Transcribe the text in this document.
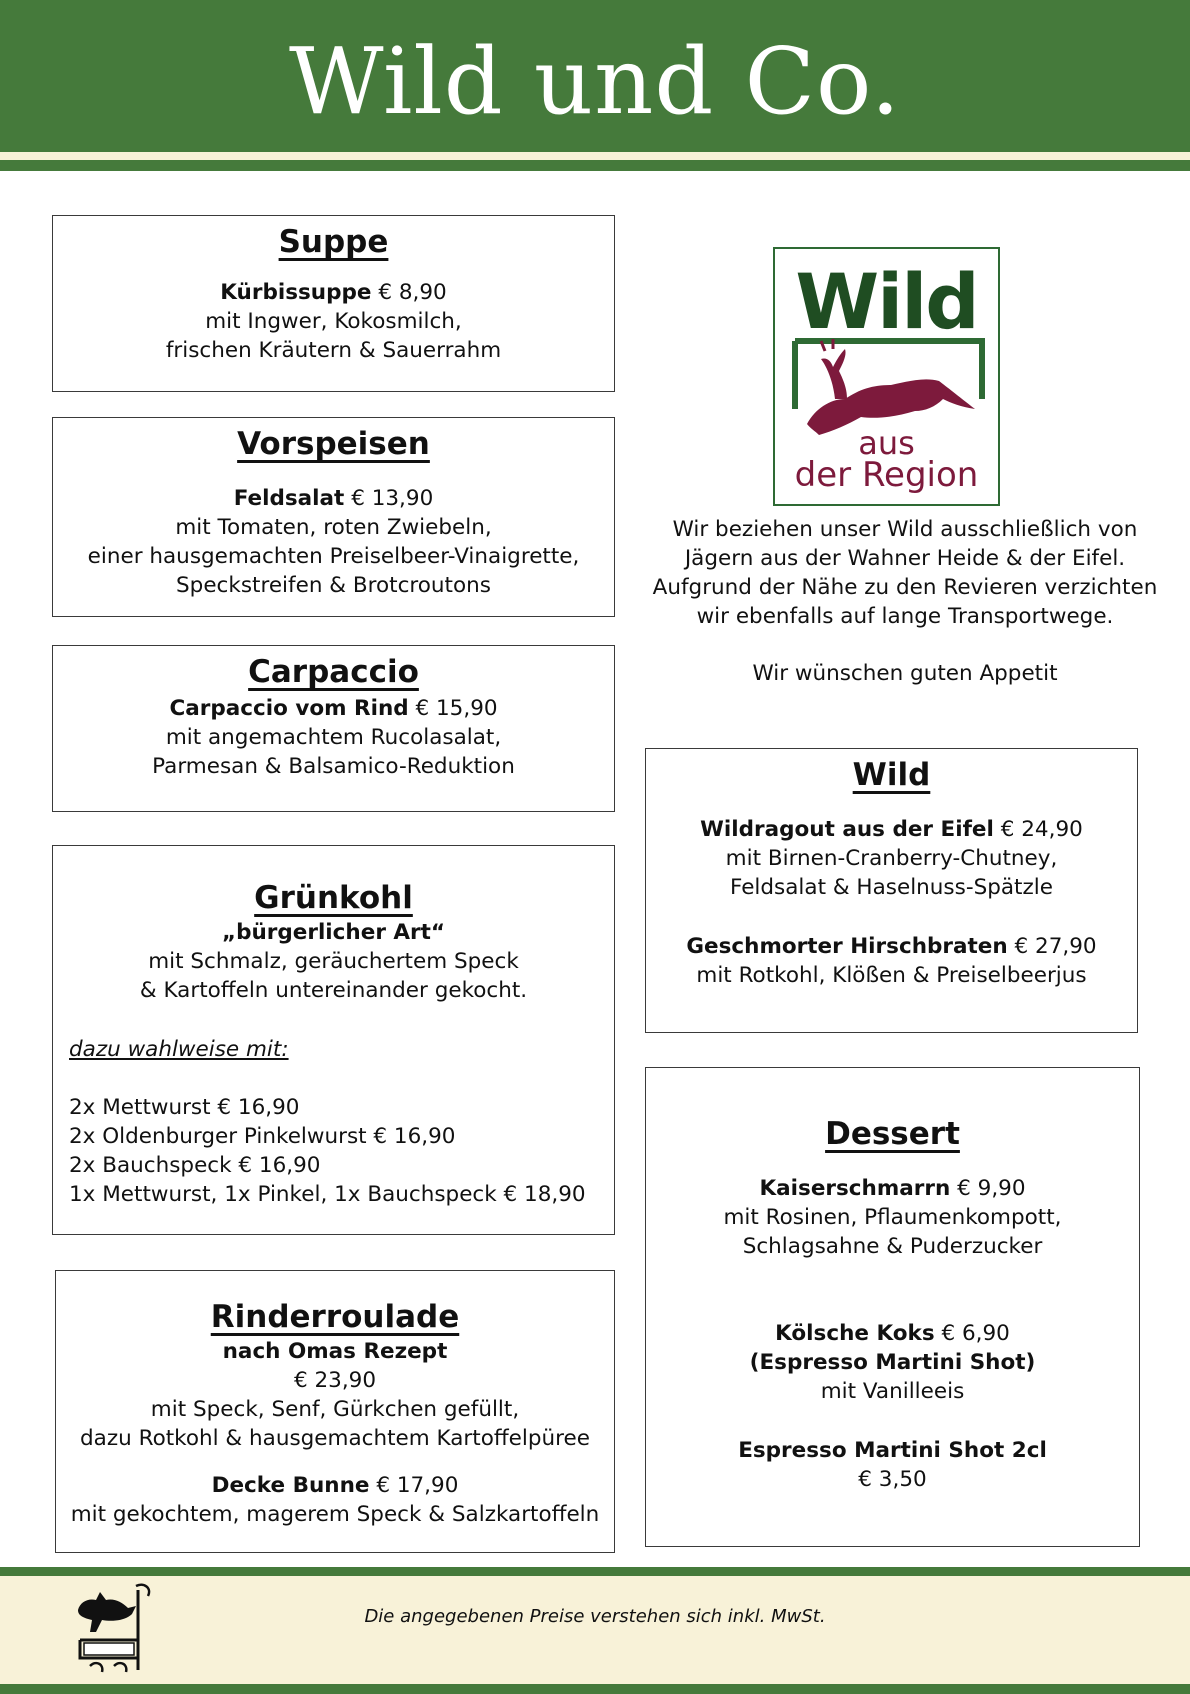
Wild und Co.
Suppe
Kürbissuppe € 8,90
mit Ingwer, Kokosmilch,
frischen Kräutern & Sauerrahm
Vorspeisen
Feldsalat € 13,90
mit Tomaten, roten Zwiebeln,
einer hausgemachten Preiselbeer-Vinaigrette,
Speckstreifen & Brotcroutons
Carpaccio
Carpaccio vom Rind € 15,90
mit angemachtem Rucolasalat,
Parmesan & Balsamico-Reduktion
Grünkohl
„bürgerlicher Art“
mit Schmalz, geräuchertem Speck
& Kartoffeln untereinander gekocht.
dazu wahlweise mit:
2x Mettwurst € 16,90
2x Oldenburger Pinkelwurst € 16,90
2x Bauchspeck € 16,90
1x Mettwurst, 1x Pinkel, 1x Bauchspeck € 18,90
Rinderroulade
nach Omas Rezept
€ 23,90
mit Speck, Senf, Gürkchen gefüllt,
dazu Rotkohl & hausgemachtem Kartoffelpüree
Decke Bunne € 17,90
mit gekochtem, magerem Speck & Salzkartoffeln
Wild
aus
der Region
Wir beziehen unser Wild ausschließlich von
Jägern aus der Wahner Heide & der Eifel.
Aufgrund der Nähe zu den Revieren verzichten
wir ebenfalls auf lange Transportwege.
Wir wünschen guten Appetit
Wild
Wildragout aus der Eifel € 24,90
mit Birnen-Cranberry-Chutney,
Feldsalat & Haselnuss-Spätzle
Geschmorter Hirschbraten € 27,90
mit Rotkohl, Klößen & Preiselbeerjus
Dessert
Kaiserschmarrn € 9,90
mit Rosinen, Pflaumenkompott,
Schlagsahne & Puderzucker
Kölsche Koks € 6,90
(Espresso Martini Shot)
mit Vanilleeis
Espresso Martini Shot 2cl
€ 3,50
Die angegebenen Preise verstehen sich inkl. MwSt.
